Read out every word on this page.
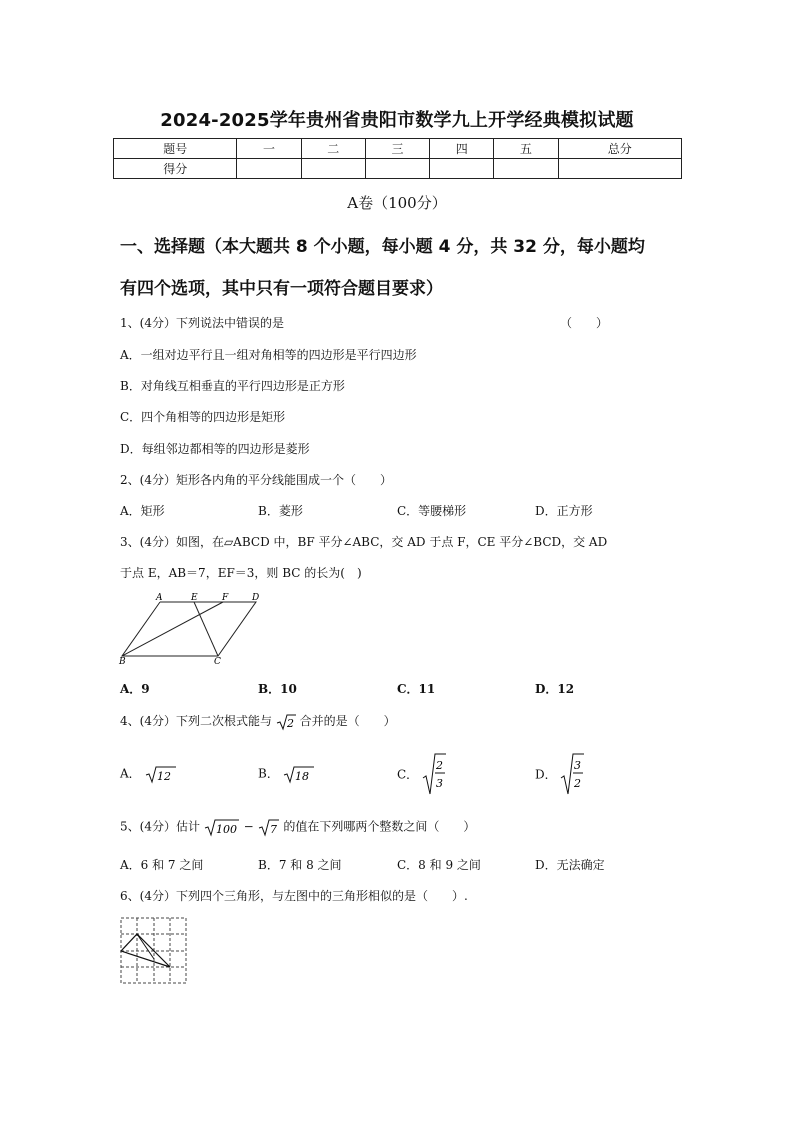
2024-2025学年贵州省贵阳市数学九上开学经典模拟试题
题号	一	二	三	四	五	总分
得分						
A卷（100分）
一、选择题（本大题共 8 个小题，每小题 4 分，共 32 分，每小题均
有四个选项，其中只有一项符合题目要求）
1、(4分）下列说法中错误的是	（　　）
A．一组对边平行且一组对角相等的四边形是平行四边形
B．对角线互相垂直的平行四边形是正方形
C．四个角相等的四边形是矩形
D．每组邻边都相等的四边形是菱形
2、(4分）矩形各内角的平分线能围成一个（　　）
A．矩形	B．菱形	C．等腰梯形	D．正方形
3、(4分）如图，在▱ABCD 中，BF 平分∠ABC，交 AD 于点 F，CE 平分∠BCD，交 AD
于点 E，AB＝7，EF＝3，则 BC 的长为(　)
A	E	F	D
B	C
A．9	B．10	C．11	D．12
4、(4分）下列二次根式能与 2 合并的是（　　）
A． 12	B． 18	C．
2
3
D．
3
2
5、(4分）估计 100 − 7 的值在下列哪两个整数之间（　　）
A．6 和 7 之间	B．7 和 8 之间	C．8 和 9 之间	D．无法确定
6、(4分）下列四个三角形，与左图中的三角形相似的是（　　）.
